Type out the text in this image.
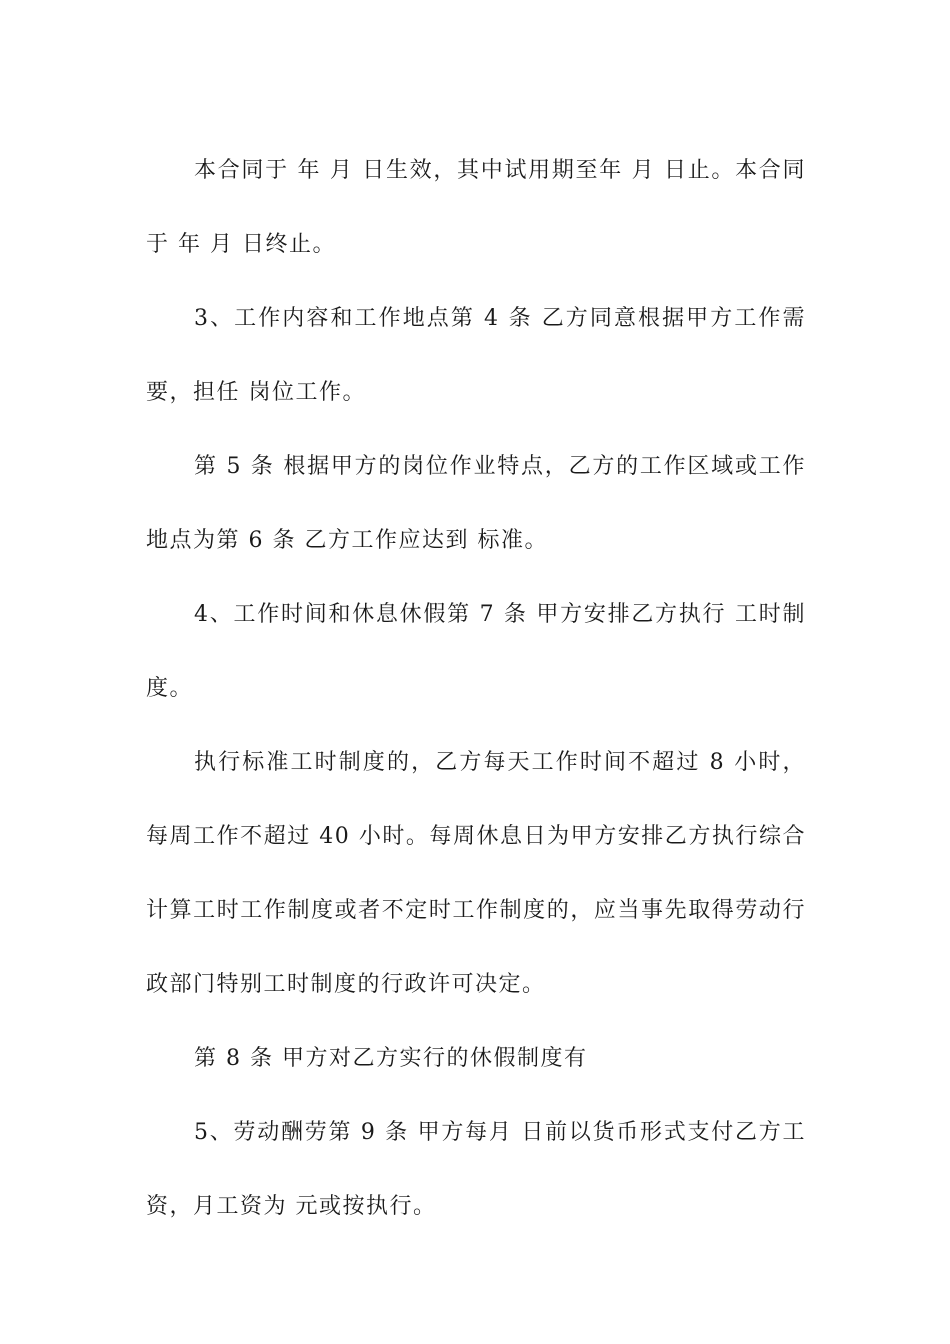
本合同于 年 月 日生效，其中试用期至年 月 日止。本合同于 年 月 日终止。

3、工作内容和工作地点第 4 条 乙方同意根据甲方工作需要，担任 岗位工作。

第 5 条 根据甲方的岗位作业特点，乙方的工作区域或工作地点为第 6 条 乙方工作应达到 标准。

4、工作时间和休息休假第 7 条 甲方安排乙方执行 工时制度。

执行标准工时制度的，乙方每天工作时间不超过 8 小时，每周工作不超过 40 小时。每周休息日为甲方安排乙方执行综合计算工时工作制度或者不定时工作制度的，应当事先取得劳动行政部门特别工时制度的行政许可决定。

第 8 条 甲方对乙方实行的休假制度有

5、劳动酬劳第 9 条 甲方每月 日前以货币形式支付乙方工资，月工资为 元或按执行。
